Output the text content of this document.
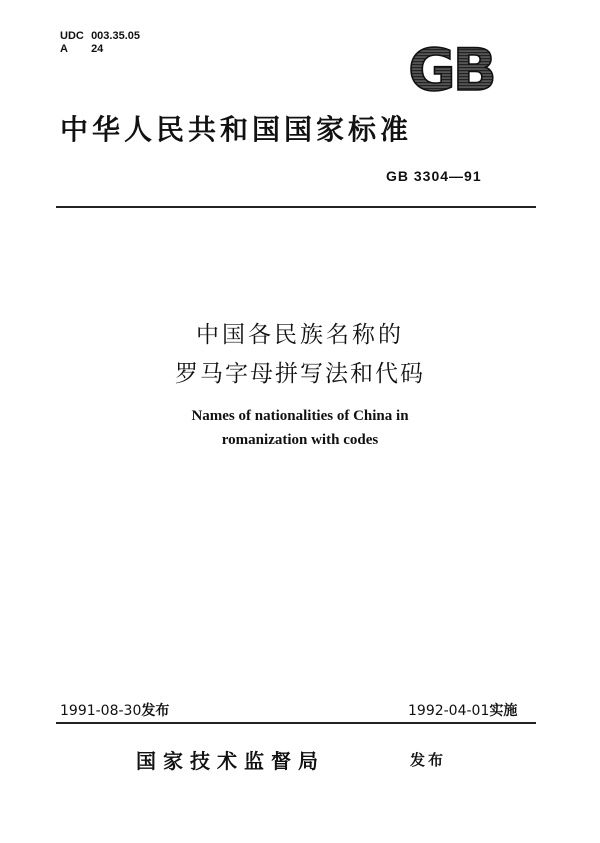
UDC 003.35.05
A 24	GB
中华人民共和国国家标准
GB 3304—91
中国各民族名称的
罗马字母拼写法和代码
Names of nationalities of China in
romanization with codes
1991-08-30发布	1992-04-01实施
国家技术监督局	发布
